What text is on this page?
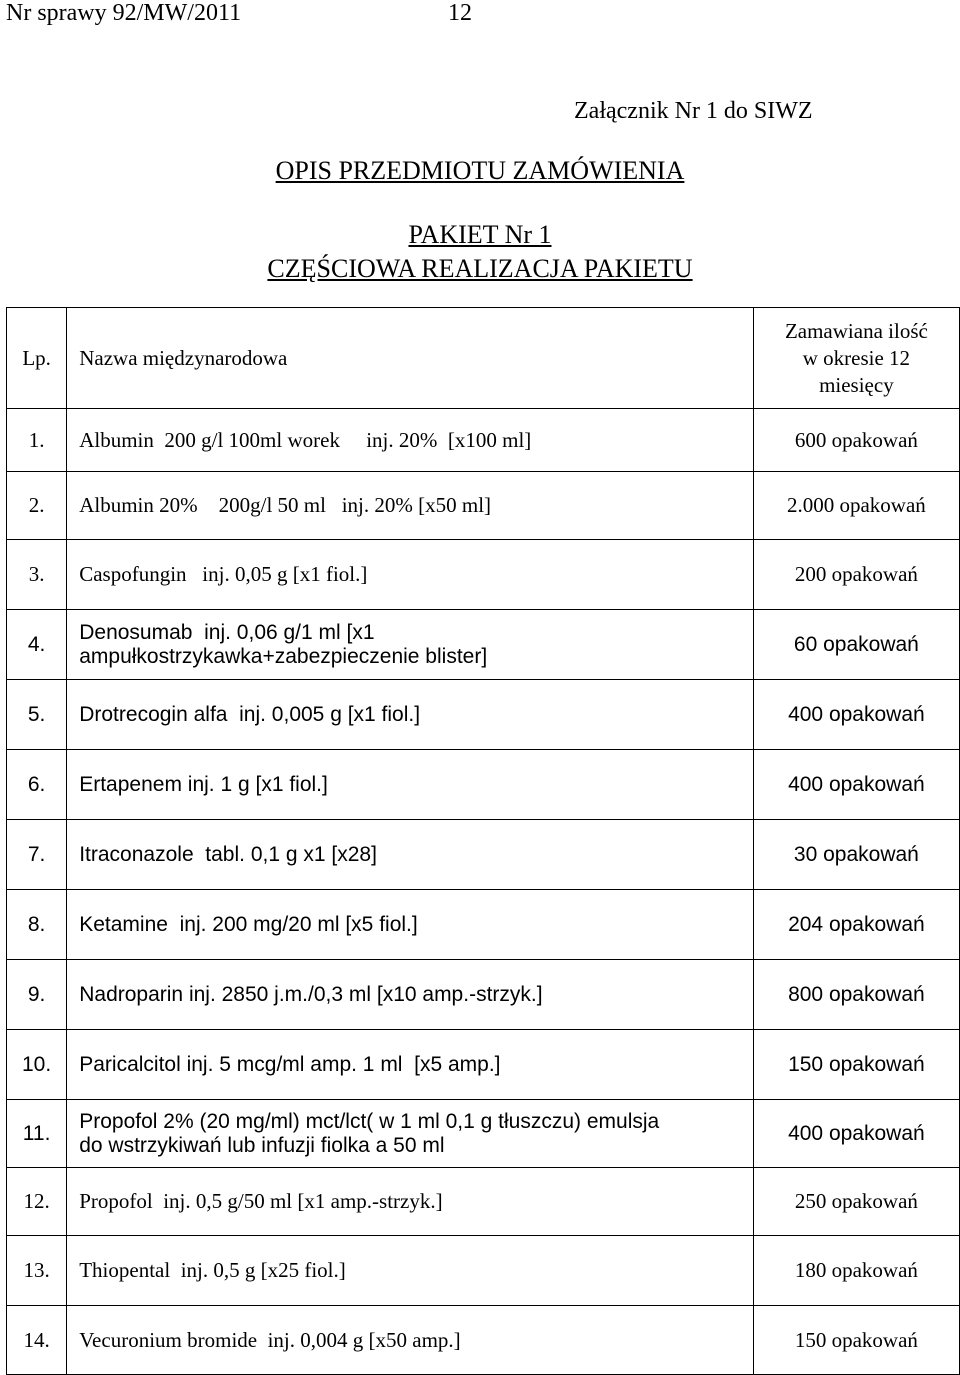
Nr sprawy 92/MW/2011	12
Załącznik Nr 1 do SIWZ
OPIS PRZEDMIOTU ZAMÓWIENIA
PAKIET Nr 1
CZĘŚCIOWA REALIZACJA PAKIETU
Lp.	Nazwa międzynarodowa	Zamawiana ilość
w okresie 12
miesięcy

1.	Albumin  200 g/l 100ml worek     inj. 20%  [x100 ml]	600 opakowań
2.	Albumin 20%    200g/l 50 ml   inj. 20% [x50 ml]	2.000 opakowań
3.	Caspofungin   inj. 0,05 g [x1 fiol.]	200 opakowań
4.	Denosumab  inj. 0,06 g/1 ml [x1
ampułkostrzykawka+zabezpieczenie blister]	60 opakowań
5.	Drotrecogin alfa  inj. 0,005 g [x1 fiol.]	400 opakowań
6.	Ertapenem inj. 1 g [x1 fiol.]	400 opakowań
7.	Itraconazole  tabl. 0,1 g x1 [x28]	30 opakowań
8.	Ketamine  inj. 200 mg/20 ml [x5 fiol.]	204 opakowań
9.	Nadroparin inj. 2850 j.m./0,3 ml [x10 amp.-strzyk.]	800 opakowań
10.	Paricalcitol inj. 5 mcg/ml amp. 1 ml  [x5 amp.]	150 opakowań
11.	Propofol 2% (20 mg/ml) mct/lct( w 1 ml 0,1 g tłuszczu) emulsja
do wstrzykiwań lub infuzji fiolka a 50 ml	400 opakowań
12.	Propofol  inj. 0,5 g/50 ml [x1 amp.-strzyk.]	250 opakowań
13.	Thiopental  inj. 0,5 g [x25 fiol.]	180 opakowań
14.	Vecuronium bromide  inj. 0,004 g [x50 amp.]	150 opakowań
